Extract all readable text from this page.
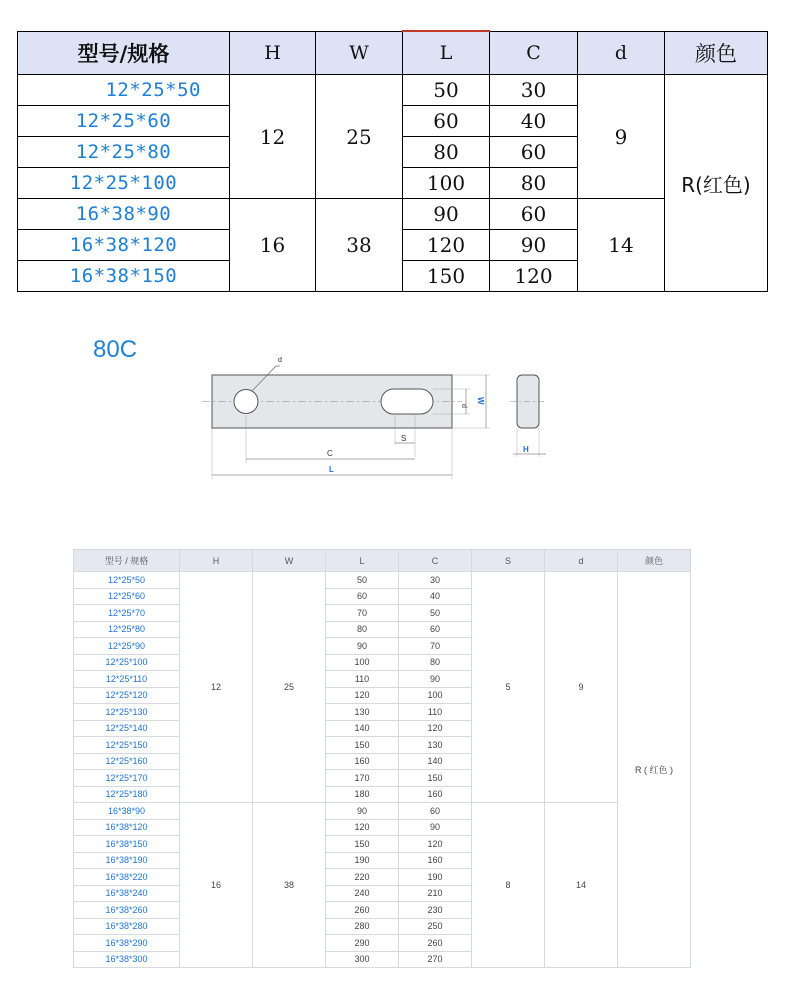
型号/规格	H	W	L	C	d	颜色
12*25*50	12	25	50	30	9	R(红色)
12*25*60			60	40		
12*25*80			80	60		
12*25*100			100	80		
16*38*90	16	38	90	60	14	
16*38*120			120	90		
16*38*150			150	120		
80C	d
d
W
S
C
L
H
型号 / 规格	H	W	L	C	S	d	颜色
12*25*50	12	25	50	30	5	9	R ( 红色 )
12*25*60			60	40			
12*25*70			70	50			
12*25*80			80	60			
12*25*90			90	70			
12*25*100			100	80			
12*25*110			110	90			
12*25*120			120	100			
12*25*130			130	110			
12*25*140			140	120			
12*25*150			150	130			
12*25*160			160	140			
12*25*170			170	150			
12*25*180			180	160			
16*38*90	16	38	90	60	8	14	
16*38*120			120	90			
16*38*150			150	120			
16*38*190			190	160			
16*38*220			220	190			
16*38*240			240	210			
16*38*260			260	230			
16*38*280			280	250			
16*38*290			290	260			
16*38*300			300	270			
